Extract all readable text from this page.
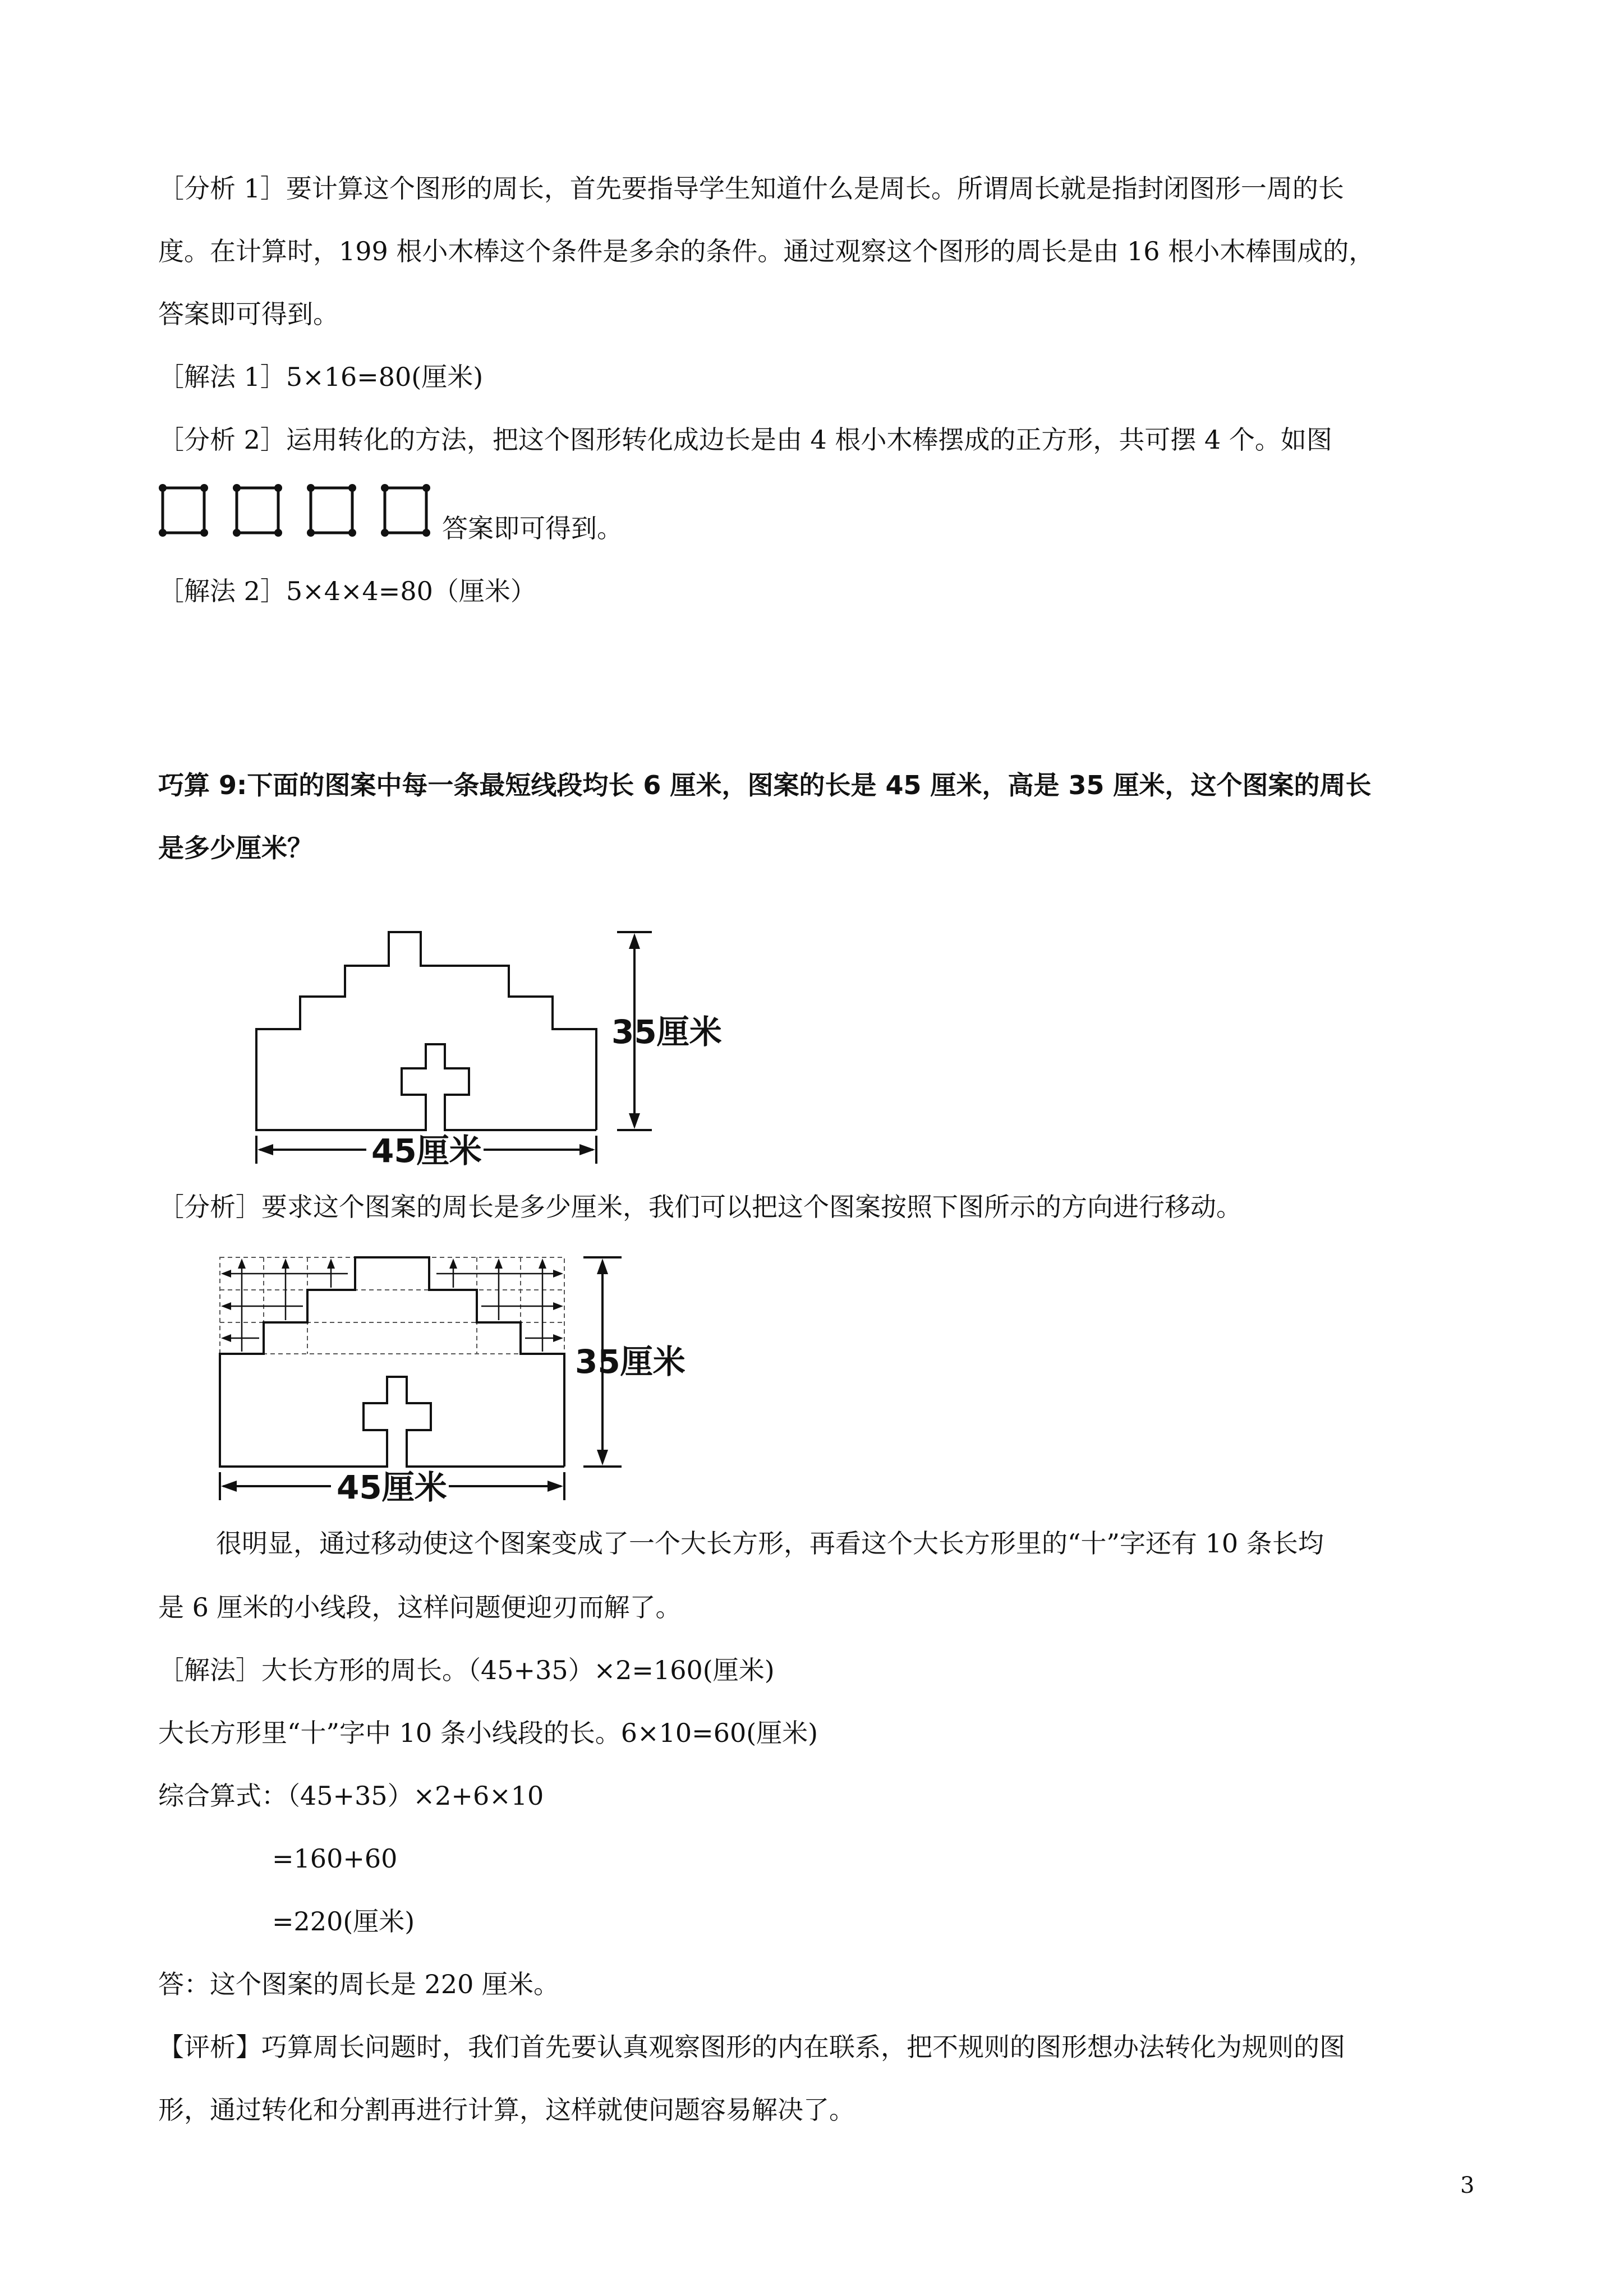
［分析 1］要计算这个图形的周长，首先要指导学生知道什么是周长。所谓周长就是指封闭图形一周的长

度。在计算时，199 根小木棒这个条件是多余的条件。通过观察这个图形的周长是由 16 根小木棒围成的，

答案即可得到。

［解法 1］5×16=80(厘米)

［分析 2］运用转化的方法，把这个图形转化成边长是由 4 根小木棒摆成的正方形，共可摆 4 个。如图

答案即可得到。

［解法 2］5×4×4=80（厘米）

巧算 9:下面的图案中每一条最短线段均长 6 厘米，图案的长是 45 厘米，高是 35 厘米，这个图案的周长

是多少厘米？

35厘米
45厘米

［分析］要求这个图案的周长是多少厘米，我们可以把这个图案按照下图所示的方向进行移动。

35厘米
45厘米

很明显，通过移动使这个图案变成了一个大长方形，再看这个大长方形里的“十”字还有 10 条长均

是 6 厘米的小线段，这样问题便迎刃而解了。

［解法］大长方形的周长。（45+35）×2=160(厘米)

大长方形里“十”字中 10 条小线段的长。6×10=60(厘米)

综合算式：（45+35）×2+6×10

=160+60

=220(厘米)

答：这个图案的周长是 220 厘米。

【评析】巧算周长问题时，我们首先要认真观察图形的内在联系，把不规则的图形想办法转化为规则的图

形，通过转化和分割再进行计算，这样就使问题容易解决了。

3
